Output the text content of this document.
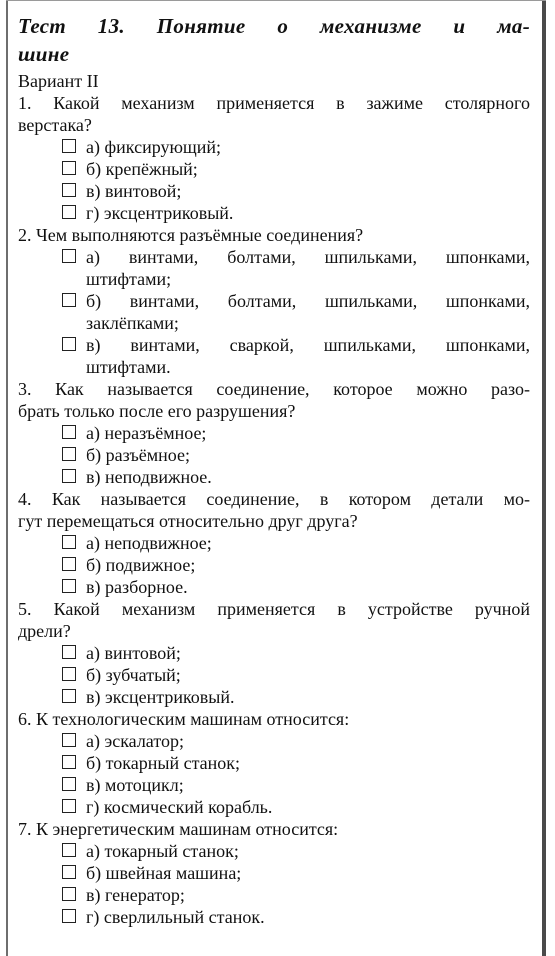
Тест 13. Понятие о механизме и ма-
шине
Вариант II
1. Какой механизм применяется в зажиме столярного
верстака?
а) фиксирующий;
б) крепёжный;
в) винтовой;
г) эксцентриковый.
2. Чем выполняются разъёмные соединения?
а) винтами, болтами, шпильками, шпонками,
штифтами;
б) винтами, болтами, шпильками, шпонками,
заклёпками;
в) винтами, сваркой, шпильками, шпонками,
штифтами.
3. Как называется соединение, которое можно разо-
брать только после его разрушения?
а) неразъёмное;
б) разъёмное;
в) неподвижное.
4. Как называется соединение, в котором детали мо-
гут перемещаться относительно друг друга?
а) неподвижное;
б) подвижное;
в) разборное.
5. Какой механизм применяется в устройстве ручной
дрели?
а) винтовой;
б) зубчатый;
в) эксцентриковый.
6. К технологическим машинам относится:
а) эскалатор;
б) токарный станок;
в) мотоцикл;
г) космический корабль.
7. К энергетическим машинам относится:
а) токарный станок;
б) швейная машина;
в) генератор;
г) сверлильный станок.
